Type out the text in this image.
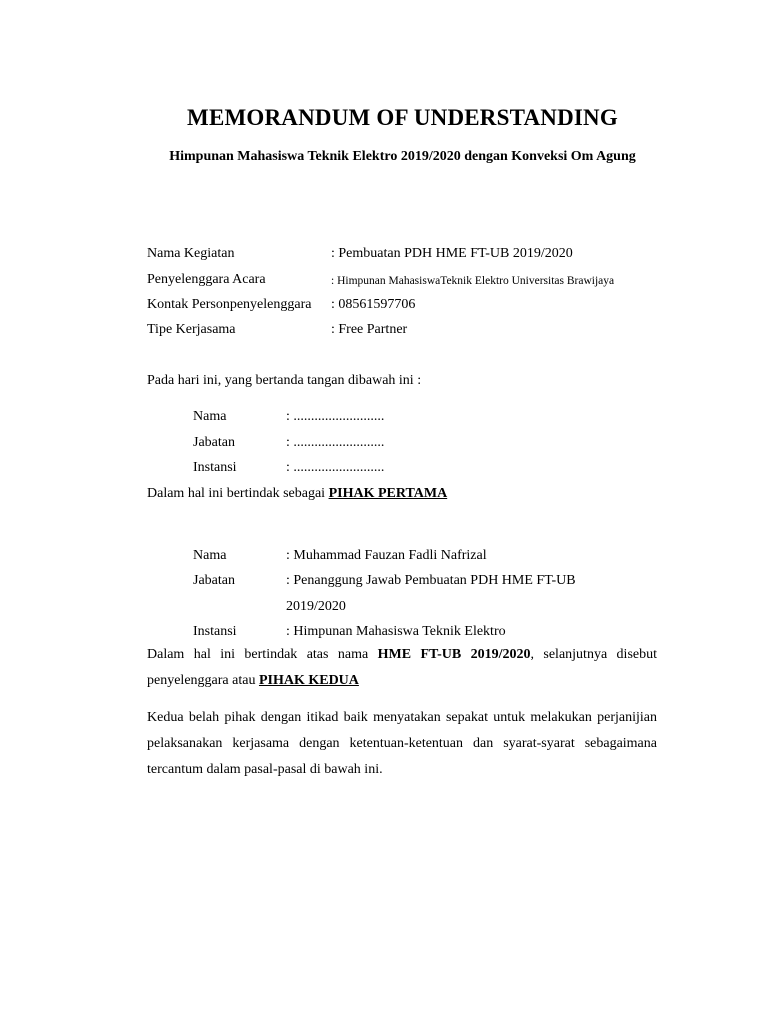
MEMORANDUM OF UNDERSTANDING
Himpunan Mahasiswa Teknik Elektro 2019/2020 dengan Konveksi Om Agung
Nama Kegiatan	: Pembuatan PDH HME FT-UB 2019/2020
Penyelenggara Acara	: Himpunan MahasiswaTeknik Elektro Universitas Brawijaya
Kontak Personpenyelenggara : 08561597706
Tipe Kerjasama	: Free Partner
Pada hari ini, yang bertanda tangan dibawah ini :
Nama	: ..........................
Jabatan	: ..........................
Instansi	: ..........................
Dalam hal ini bertindak sebagai PIHAK PERTAMA
Nama	: Muhammad Fauzan Fadli Nafrizal
Jabatan	: Penanggung Jawab Pembuatan PDH HME FT-UB
2019/2020
Instansi	: Himpunan Mahasiswa Teknik Elektro
Dalam hal ini bertindak atas nama HME FT-UB 2019/2020, selanjutnya disebut penyelenggara atau PIHAK KEDUA
Kedua belah pihak dengan itikad baik menyatakan sepakat untuk melakukan perjanijian pelaksanakan kerjasama dengan ketentuan-ketentuan dan syarat-syarat sebagaimana tercantum dalam pasal-pasal di bawah ini.
